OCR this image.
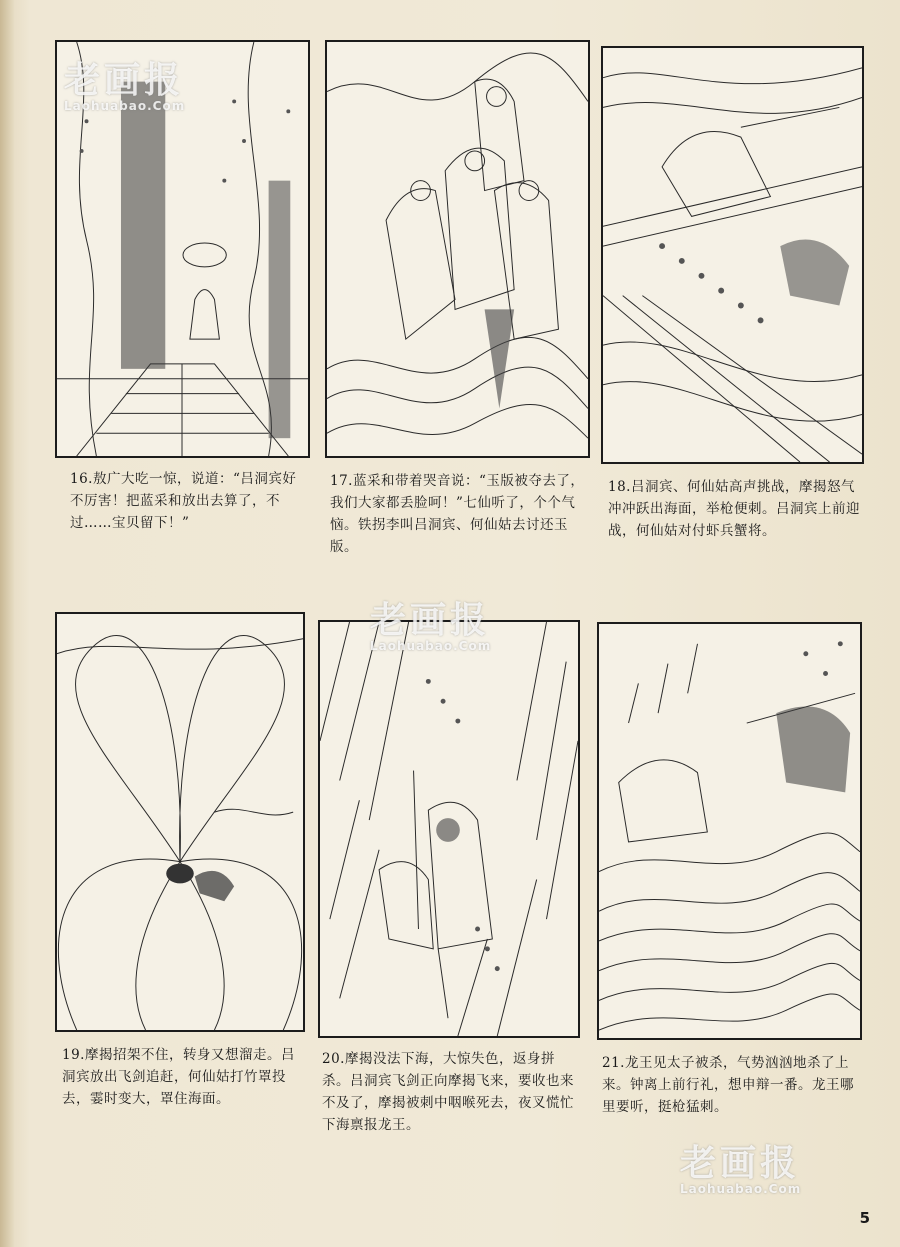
16.敖广大吃一惊，说道：“吕洞宾好不厉害！把蓝采和放出去算了，不过……宝贝留下！”
17.蓝采和带着哭音说：“玉版被夺去了，我们大家都丢脸呵！”七仙听了，个个气恼。铁拐李叫吕洞宾、何仙姑去讨还玉版。
18.吕洞宾、何仙姑高声挑战，摩揭怒气冲冲跃出海面，举枪便刺。吕洞宾上前迎战，何仙姑对付虾兵蟹将。
19.摩揭招架不住，转身又想溜走。吕洞宾放出飞剑追赶，何仙姑打竹罩投去，霎时变大，罩住海面。
20.摩揭没法下海，大惊失色，返身拼杀。吕洞宾飞剑正向摩揭飞来，要收也来不及了，摩揭被刺中咽喉死去，夜叉慌忙下海禀报龙王。
21.龙王见太子被杀，气势汹汹地杀了上来。钟离上前行礼，想申辩一番。龙王哪里要听，挺枪猛刺。
老画报
Laohuabao.Com
老画报
Laohuabao.Com
老画报
Laohuabao.Com
5
